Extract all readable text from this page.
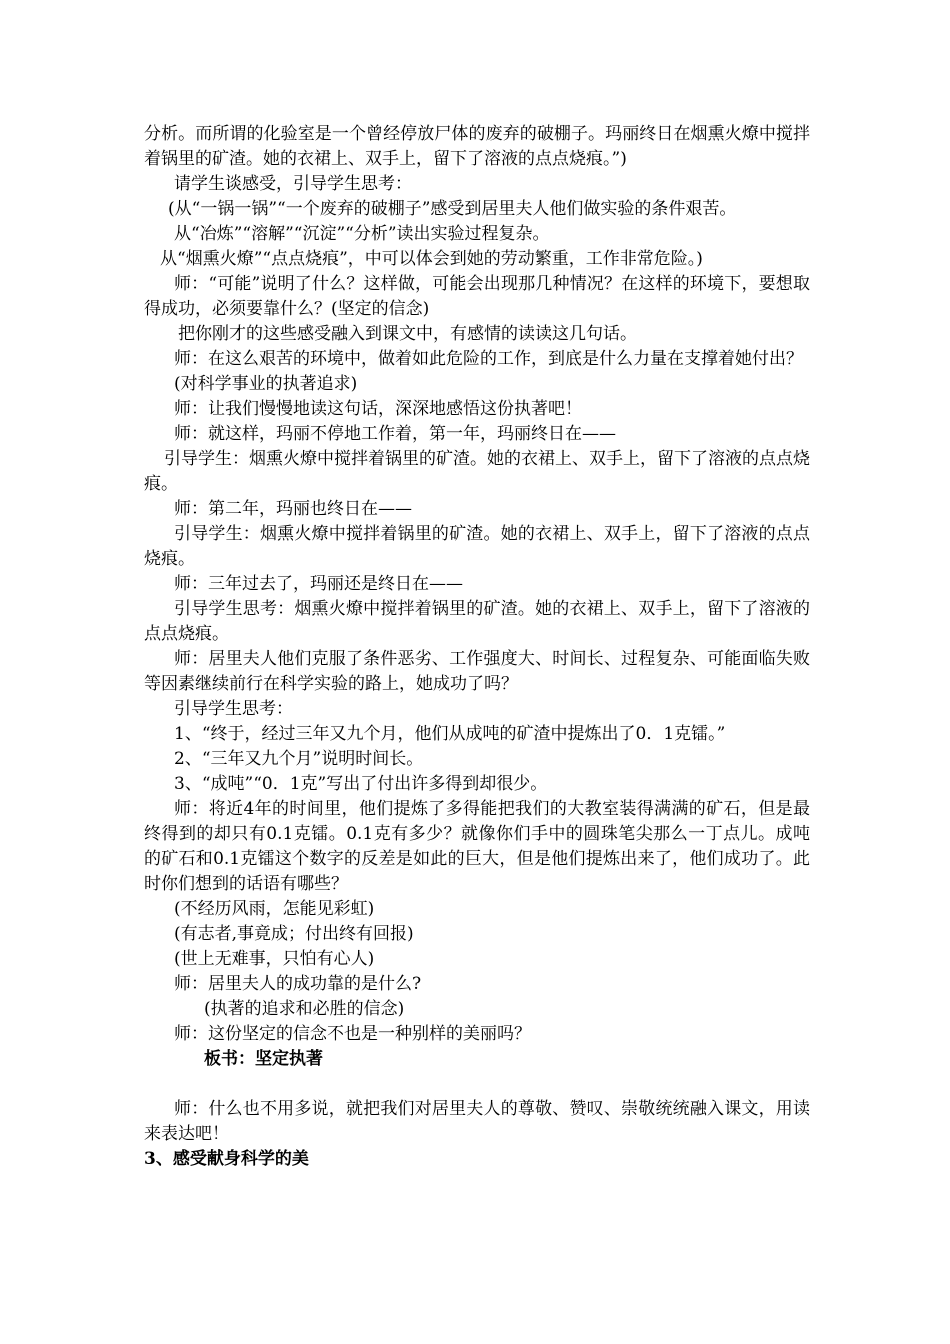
分析。而所谓的化验室是一个曾经停放尸体的废弃的破棚子。玛丽终日在烟熏火燎中搅拌着锅里的矿渣。她的衣裙上、双手上，留下了溶液的点点烧痕。”)

请学生谈感受，引导学生思考：

(从“一锅一锅”“一个废弃的破棚子”感受到居里夫人他们做实验的条件艰苦。

从“冶炼”“溶解”“沉淀”“分析”读出实验过程复杂。

从“烟熏火燎”“点点烧痕”，中可以体会到她的劳动繁重，工作非常危险。)

师：“可能”说明了什么？这样做，可能会出现那几种情况？在这样的环境下，要想取得成功，必须要靠什么？(坚定的信念)

把你刚才的这些感受融入到课文中，有感情的读读这几句话。

师：在这么艰苦的环境中，做着如此危险的工作，到底是什么力量在支撑着她付出？

(对科学事业的执著追求)

师：让我们慢慢地读这句话，深深地感悟这份执著吧！

师：就这样，玛丽不停地工作着，第一年，玛丽终日在——

引导学生：烟熏火燎中搅拌着锅里的矿渣。她的衣裙上、双手上，留下了溶液的点点烧痕。

师：第二年，玛丽也终日在——

引导学生：烟熏火燎中搅拌着锅里的矿渣。她的衣裙上、双手上，留下了溶液的点点烧痕。

师：三年过去了，玛丽还是终日在——

引导学生思考：烟熏火燎中搅拌着锅里的矿渣。她的衣裙上、双手上，留下了溶液的点点烧痕。

师：居里夫人他们克服了条件恶劣、工作强度大、时间长、过程复杂、可能面临失败等因素继续前行在科学实验的路上，她成功了吗？

引导学生思考：

1、“终于，经过三年又九个月，他们从成吨的矿渣中提炼出了0．1克镭。”

2、“三年又九个月”说明时间长。

3、“成吨”“0．1克”写出了付出许多得到却很少。

师：将近4年的时间里，他们提炼了多得能把我们的大教室装得满满的矿石，但是最终得到的却只有0.1克镭。0.1克有多少？就像你们手中的圆珠笔尖那么一丁点儿。成吨的矿石和0.1克镭这个数字的反差是如此的巨大，但是他们提炼出来了，他们成功了。此时你们想到的话语有哪些？

(不经历风雨，怎能见彩虹)

(有志者,事竟成；付出终有回报)

(世上无难事，只怕有心人)

师：居里夫人的成功靠的是什么?

(执著的追求和必胜的信念)

师：这份坚定的信念不也是一种别样的美丽吗？

板书：坚定执著

师：什么也不用多说，就把我们对居里夫人的尊敬、赞叹、崇敬统统融入课文，用读来表达吧！

3、感受献身科学的美
